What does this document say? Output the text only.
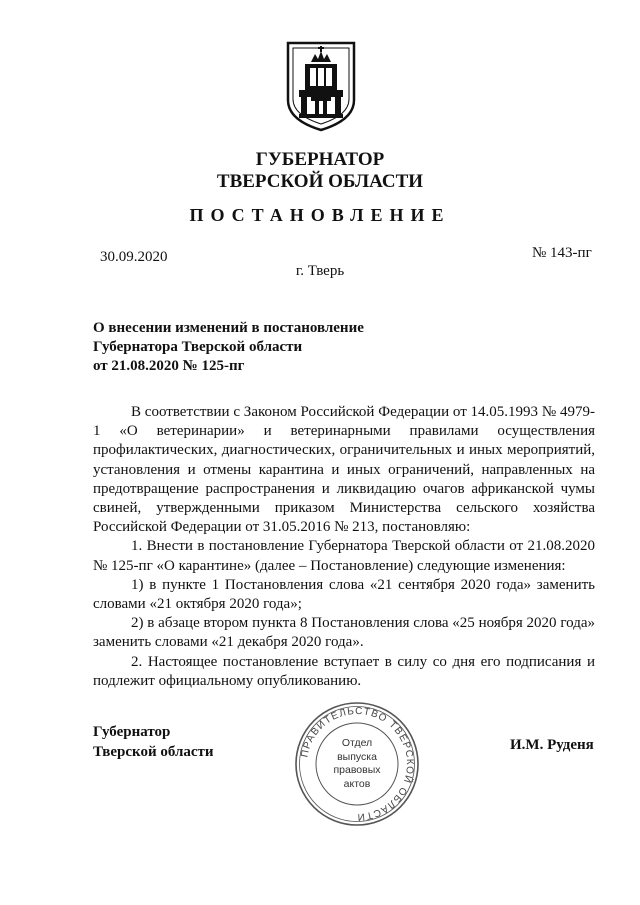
ГУБЕРНАТОР
ТВЕРСКОЙ ОБЛАСТИ
ПОСТАНОВЛЕНИЕ
30.09.2020	№ 143-пг
г. Тверь
О внесении изменений в постановление
Губернатора Тверской области
от 21.08.2020 № 125-пг

В соответствии с Законом Российской Федерации от 14.05.1993 № 4979-1 «О ветеринарии» и ветеринарными правилами осуществления профилактических, диагностических, ограничительных и иных мероприятий, установления и отмены карантина и иных ограничений, направленных на предотвращение распространения и ликвидацию очагов африканской чумы свиней, утвержденными приказом Министерства сельского хозяйства Российской Федерации от 31.05.2016 № 213, постановляю:

1. Внести в постановление Губернатора Тверской области от 21.08.2020 № 125-пг «О карантине» (далее – Постановление) следующие изменения:

1) в пункте 1 Постановления слова «21 сентября 2020 года» заменить словами «21 октября 2020 года»;

2) в абзаце втором пункта 8 Постановления слова «25 ноября 2020 года» заменить словами «21 декабря 2020 года».

2. Настоящее постановление вступает в силу со дня его подписания и подлежит официальному опубликованию.

Губернатор
Тверской области	И.М. Руденя
ПРАВИТЕЛЬСТВО ТВЕРСКОЙ ОБЛАСТИ
Отдел
выпуска
правовых
актов
